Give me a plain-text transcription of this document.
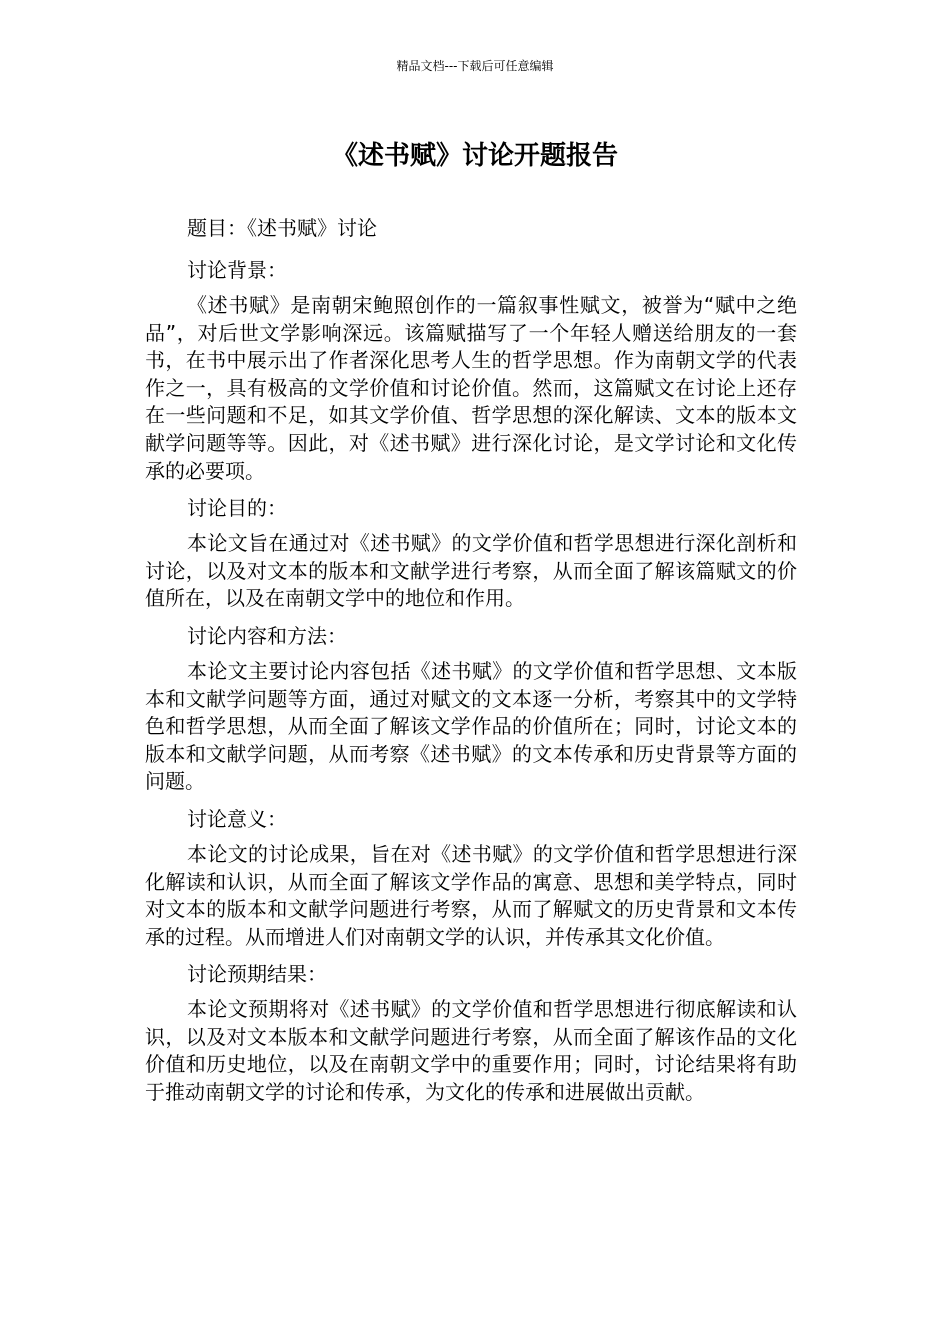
精品文档---下载后可任意编辑
《述书赋》讨论开题报告

题目：《述书赋》讨论

讨论背景：

《述书赋》是南朝宋鲍照创作的一篇叙事性赋文，被誉为“赋中之绝品”，对后世文学影响深远。该篇赋描写了一个年轻人赠送给朋友的一套书，在书中展示出了作者深化思考人生的哲学思想。作为南朝文学的代表作之一，具有极高的文学价值和讨论价值。然而，这篇赋文在讨论上还存在一些问题和不足，如其文学价值、哲学思想的深化解读、文本的版本文献学问题等等。因此，对《述书赋》进行深化讨论，是文学讨论和文化传承的必要项。

讨论目的：

本论文旨在通过对《述书赋》的文学价值和哲学思想进行深化剖析和讨论，以及对文本的版本和文献学进行考察，从而全面了解该篇赋文的价值所在，以及在南朝文学中的地位和作用。

讨论内容和方法：

本论文主要讨论内容包括《述书赋》的文学价值和哲学思想、文本版本和文献学问题等方面，通过对赋文的文本逐一分析，考察其中的文学特色和哲学思想，从而全面了解该文学作品的价值所在；同时，讨论文本的版本和文献学问题，从而考察《述书赋》的文本传承和历史背景等方面的问题。

讨论意义：

本论文的讨论成果，旨在对《述书赋》的文学价值和哲学思想进行深化解读和认识，从而全面了解该文学作品的寓意、思想和美学特点，同时对文本的版本和文献学问题进行考察，从而了解赋文的历史背景和文本传承的过程。从而增进人们对南朝文学的认识，并传承其文化价值。

讨论预期结果：

本论文预期将对《述书赋》的文学价值和哲学思想进行彻底解读和认识，以及对文本版本和文献学问题进行考察，从而全面了解该作品的文化价值和历史地位，以及在南朝文学中的重要作用；同时，讨论结果将有助于推动南朝文学的讨论和传承，为文化的传承和进展做出贡献。
